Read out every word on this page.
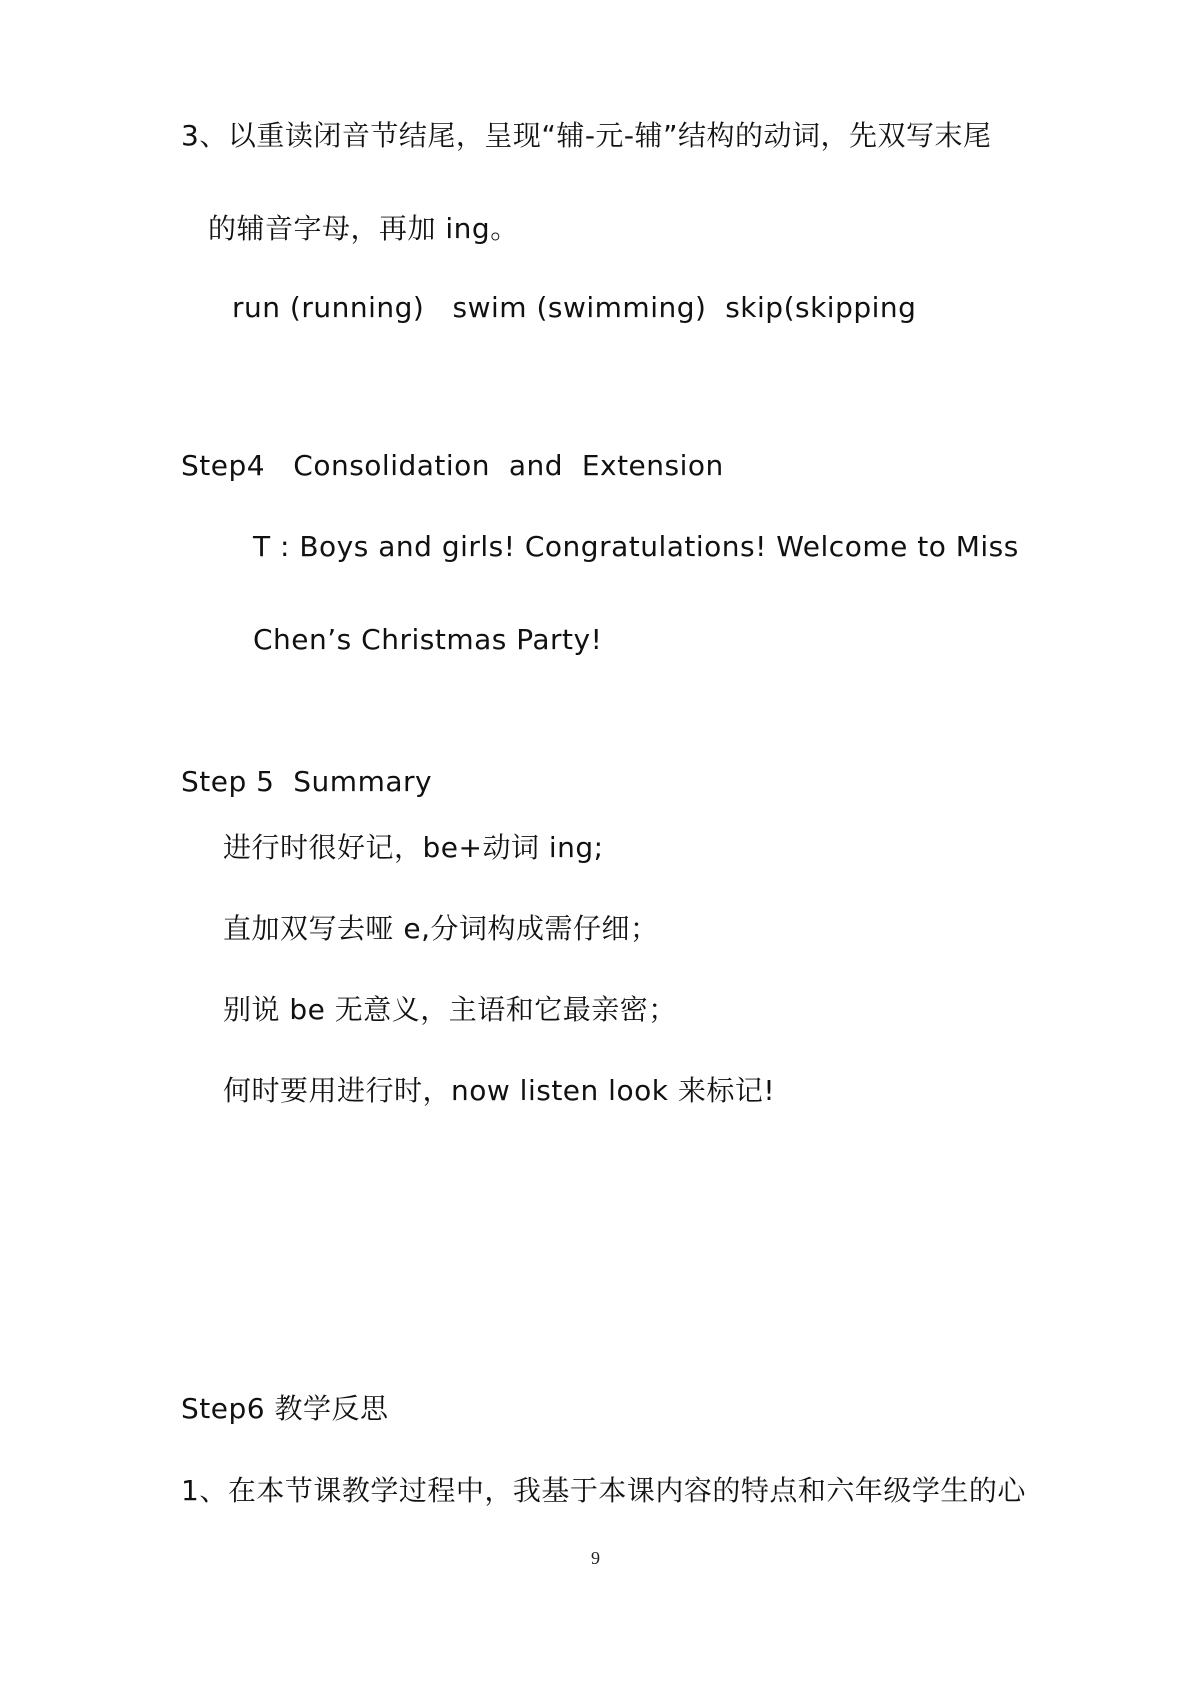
3、以重读闭音节结尾，呈现“辅-元-辅”结构的动词，先双写末尾
的辅音字母，再加 ing。
run (running)   swim (swimming)  skip(skipping
Step4   Consolidation  and  Extension
T : Boys and girls! Congratulations! Welcome to Miss
Chen’s Christmas Party!
Step 5  Summary
进行时很好记，be+动词 ing;
直加双写去哑 e,分词构成需仔细；
别说 be 无意义，主语和它最亲密；
何时要用进行时，now listen look 来标记!
Step6 教学反思
1、在本节课教学过程中，我基于本课内容的特点和六年级学生的心
9
